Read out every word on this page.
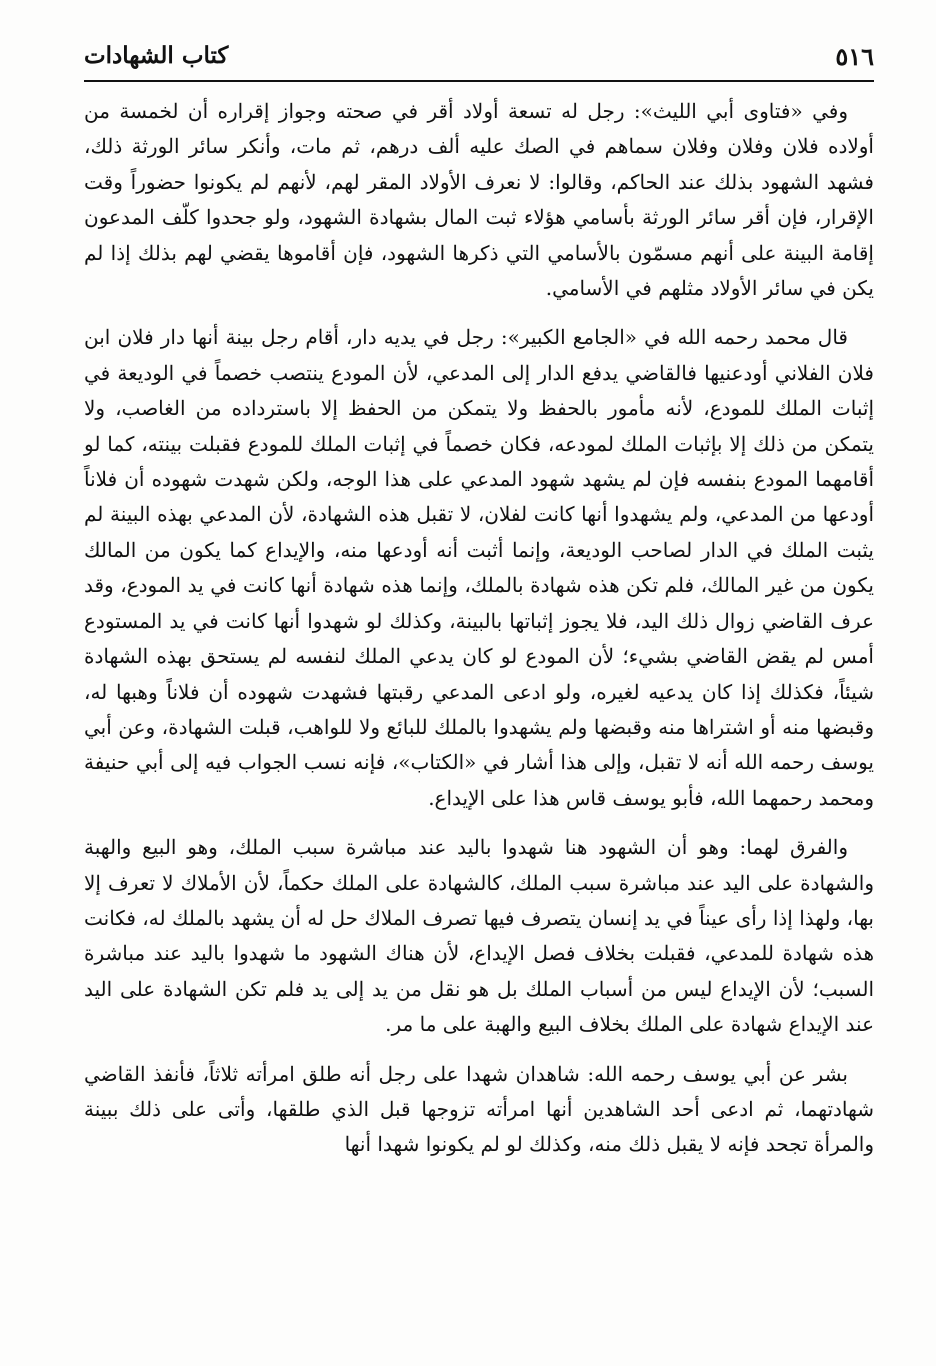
٥١٦
كتاب الشهادات

وفي «فتاوى أبي الليث»: رجل له تسعة أولاد أقر في صحته وجواز إقراره أن لخمسة من أولاده فلان وفلان وفلان سماهم في الصك عليه ألف درهم، ثم مات، وأنكر سائر الورثة ذلك، فشهد الشهود بذلك عند الحاكم، وقالوا: لا نعرف الأولاد المقر لهم، لأنهم لم يكونوا حضوراً وقت الإقرار، فإن أقر سائر الورثة بأسامي هؤلاء ثبت المال بشهادة الشهود، ولو جحدوا كلّف المدعون إقامة البينة على أنهم مسمّون بالأسامي التي ذكرها الشهود، فإن أقاموها يقضي لهم بذلك إذا لم يكن في سائر الأولاد مثلهم في الأسامي.

قال محمد رحمه الله في «الجامع الكبير»: رجل في يديه دار، أقام رجل بينة أنها دار فلان ابن فلان الفلاني أودعنيها فالقاضي يدفع الدار إلى المدعي، لأن المودع ينتصب خصماً في الوديعة في إثبات الملك للمودع، لأنه مأمور بالحفظ ولا يتمكن من الحفظ إلا باسترداده من الغاصب، ولا يتمكن من ذلك إلا بإثبات الملك لمودعه، فكان خصماً في إثبات الملك للمودع فقبلت بينته، كما لو أقامهما المودع بنفسه فإن لم يشهد شهود المدعي على هذا الوجه، ولكن شهدت شهوده أن فلاناً أودعها من المدعي، ولم يشهدوا أنها كانت لفلان، لا تقبل هذه الشهادة، لأن المدعي بهذه البينة لم يثبت الملك في الدار لصاحب الوديعة، وإنما أثبت أنه أودعها منه، والإيداع كما يكون من المالك يكون من غير المالك، فلم تكن هذه شهادة بالملك، وإنما هذه شهادة أنها كانت في يد المودع، وقد عرف القاضي زوال ذلك اليد، فلا يجوز إثباتها بالبينة، وكذلك لو شهدوا أنها كانت في يد المستودع أمس لم يقض القاضي بشيء؛ لأن المودع لو كان يدعي الملك لنفسه لم يستحق بهذه الشهادة شيئاً، فكذلك إذا كان يدعيه لغيره، ولو ادعى المدعي رقبتها فشهدت شهوده أن فلاناً وهبها له، وقبضها منه أو اشتراها منه وقبضها ولم يشهدوا بالملك للبائع ولا للواهب، قبلت الشهادة، وعن أبي يوسف رحمه الله أنه لا تقبل، وإلى هذا أشار في «الكتاب»، فإنه نسب الجواب فيه إلى أبي حنيفة ومحمد رحمهما الله، فأبو يوسف قاس هذا على الإيداع.

والفرق لهما: وهو أن الشهود هنا شهدوا باليد عند مباشرة سبب الملك، وهو البيع والهبة والشهادة على اليد عند مباشرة سبب الملك، كالشهادة على الملك حكماً، لأن الأملاك لا تعرف إلا بها، ولهذا إذا رأى عيناً في يد إنسان يتصرف فيها تصرف الملاك حل له أن يشهد بالملك له، فكانت هذه شهادة للمدعي، فقبلت بخلاف فصل الإيداع، لأن هناك الشهود ما شهدوا باليد عند مباشرة السبب؛ لأن الإيداع ليس من أسباب الملك بل هو نقل من يد إلى يد فلم تكن الشهادة على اليد عند الإيداع شهادة على الملك بخلاف البيع والهبة على ما مر.

بشر عن أبي يوسف رحمه الله: شاهدان شهدا على رجل أنه طلق امرأته ثلاثاً، فأنفذ القاضي شهادتهما، ثم ادعى أحد الشاهدين أنها امرأته تزوجها قبل الذي طلقها، وأتى على ذلك ببينة والمرأة تجحد فإنه لا يقبل ذلك منه، وكذلك لو لم يكونوا شهدا أنها
